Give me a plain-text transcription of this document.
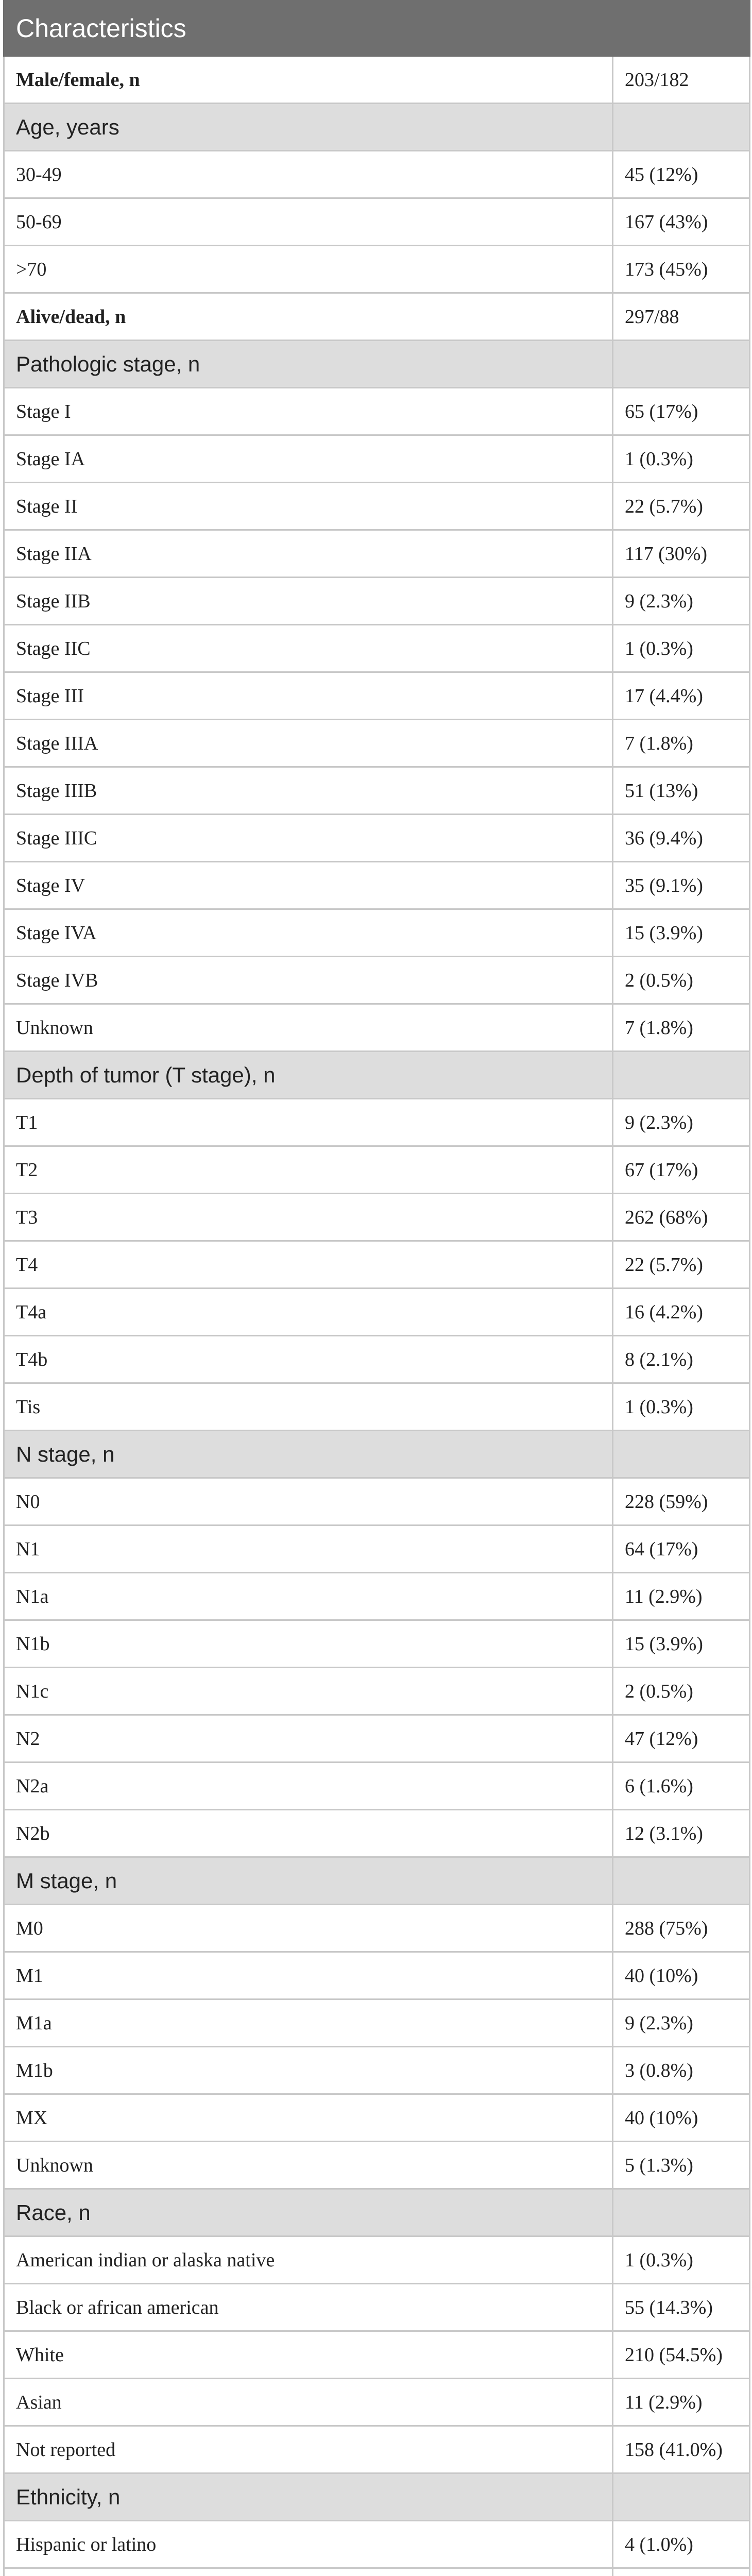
Characteristics	
Male/female, n	203/182
Age, years	
30-49	45 (12%)
50-69	167 (43%)
>70	173 (45%)
Alive/dead, n	297/88
Pathologic stage, n	
Stage I	65 (17%)
Stage IA	1 (0.3%)
Stage II	22 (5.7%)
Stage IIA	117 (30%)
Stage IIB	9 (2.3%)
Stage IIC	1 (0.3%)
Stage III	17 (4.4%)
Stage IIIA	7 (1.8%)
Stage IIIB	51 (13%)
Stage IIIC	36 (9.4%)
Stage IV	35 (9.1%)
Stage IVA	15 (3.9%)
Stage IVB	2 (0.5%)
Unknown	7 (1.8%)
Depth of tumor (T stage), n	
T1	9 (2.3%)
T2	67 (17%)
T3	262 (68%)
T4	22 (5.7%)
T4a	16 (4.2%)
T4b	8 (2.1%)
Tis	1 (0.3%)
N stage, n	
N0	228 (59%)
N1	64 (17%)
N1a	11 (2.9%)
N1b	15 (3.9%)
N1c	2 (0.5%)
N2	47 (12%)
N2a	6 (1.6%)
N2b	12 (3.1%)
M stage, n	
M0	288 (75%)
M1	40 (10%)
M1a	9 (2.3%)
M1b	3 (0.8%)
MX	40 (10%)
Unknown	5 (1.3%)
Race, n	
American indian or alaska native	1 (0.3%)
Black or african american	55 (14.3%)
White	210 (54.5%)
Asian	11 (2.9%)
Not reported	158 (41.0%)
Ethnicity, n	
Hispanic or latino	4 (1.0%)
